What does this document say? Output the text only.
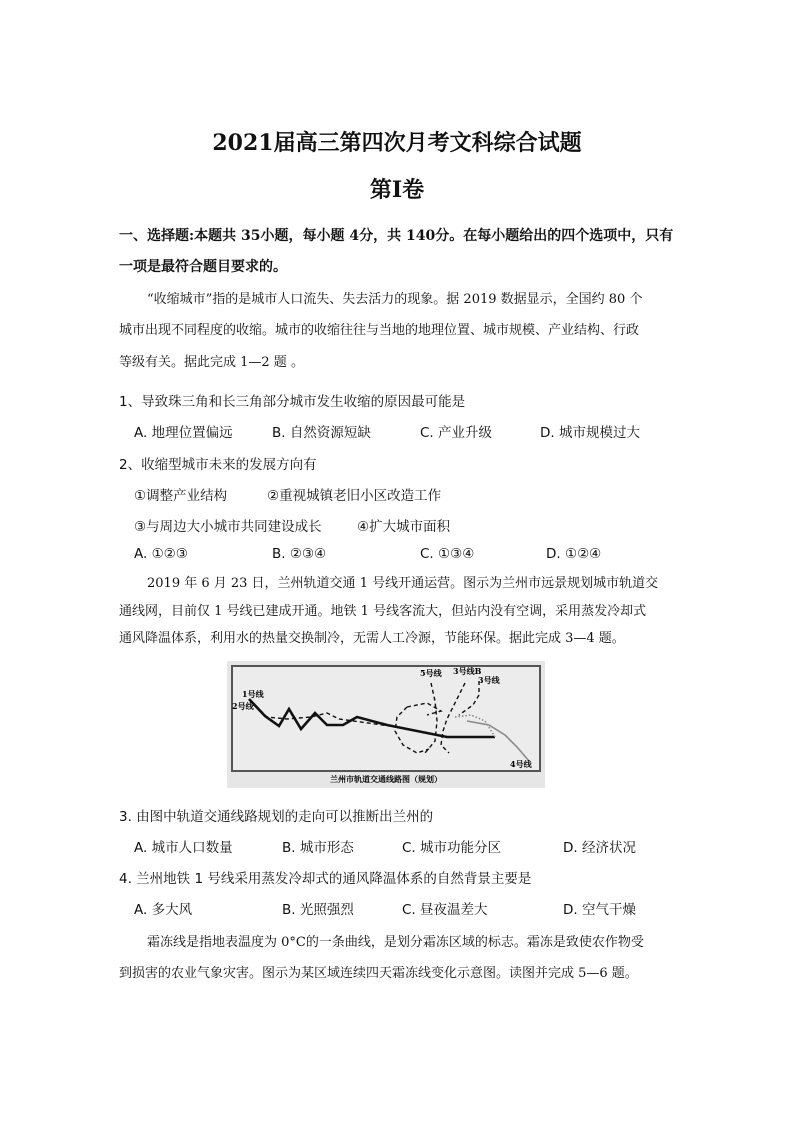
2021届高三第四次月考文科综合试题
第Ⅰ卷
一、选择题:本题共 35小题，每小题 4分，共 140分。在每小题给出的四个选项中，只有
一项是最符合题目要求的。
“收缩城市”指的是城市人口流失、失去活力的现象。据 2019 数据显示，全国约 80 个
城市出现不同程度的收缩。城市的收缩往往与当地的地理位置、城市规模、产业结构、行政
等级有关。据此完成 1—2 题 。
1、导致珠三角和长三角部分城市发生收缩的原因最可能是
A. 地理位置偏远	B. 自然资源短缺	C. 产业升级	D. 城市规模过大
2、收缩型城市未来的发展方向有
①调整产业结构	②重视城镇老旧小区改造工作
③与周边大小城市共同建设成长	④扩大城市面积
A. ①②③	B. ②③④	C. ①③④	D. ①②④
2019 年 6 月 23 日，兰州轨道交通 1 号线开通运营。图示为兰州市远景规划城市轨道交
通线网，目前仅 1 号线已建成开通。地铁 1 号线客流大，但站内没有空调，采用蒸发冷却式
通风降温体系，利用水的热量交换制冷，无需人工冷源，节能环保。据此完成 3—4 题。
1号线
2号线
5号线 3号线B
3号线
4号线
兰州市轨道交通线路图（规划）
3. 由图中轨道交通线路规划的走向可以推断出兰州的
A. 城市人口数量	B. 城市形态	C. 城市功能分区	D. 经济状况
4. 兰州地铁 1 号线采用蒸发冷却式的通风降温体系的自然背景主要是
A. 多大风	B. 光照强烈	C. 昼夜温差大	D. 空气干燥
霜冻线是指地表温度为 0°C的一条曲线，是划分霜冻区域的标志。霜冻是致使农作物受
到损害的农业气象灾害。图示为某区域连续四天霜冻线变化示意图。读图并完成 5—6 题。
